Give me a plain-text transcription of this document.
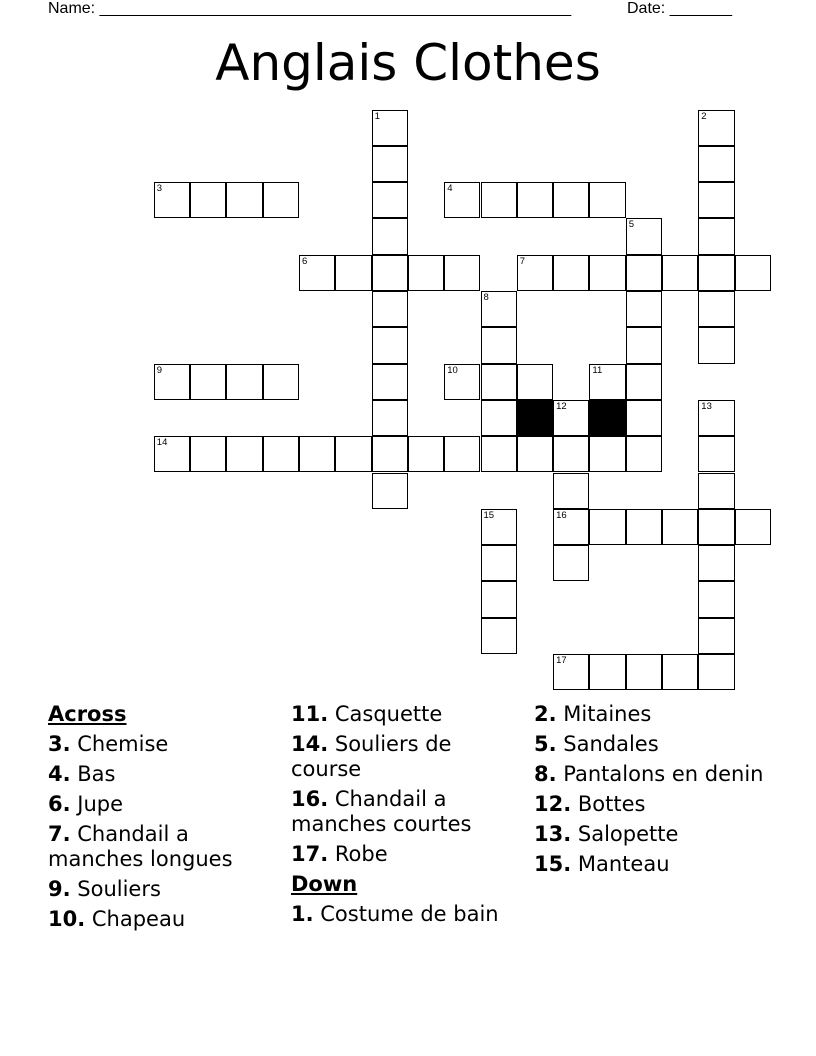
Name: _____________________________________________________	Date: _______
Anglais Clothes
1	2
3	4
5
6	7
8
9	10	11
12	13
14
15	16
17
Across
3. Chemise
4. Bas
6. Jupe
7. Chandail a manches longues
9. Souliers
10. Chapeau
11. Casquette
14. Souliers de course
16. Chandail a manches courtes
17. Robe
Down
1. Costume de bain
2. Mitaines
5. Sandales
8. Pantalons en denin
12. Bottes
13. Salopette
15. Manteau
